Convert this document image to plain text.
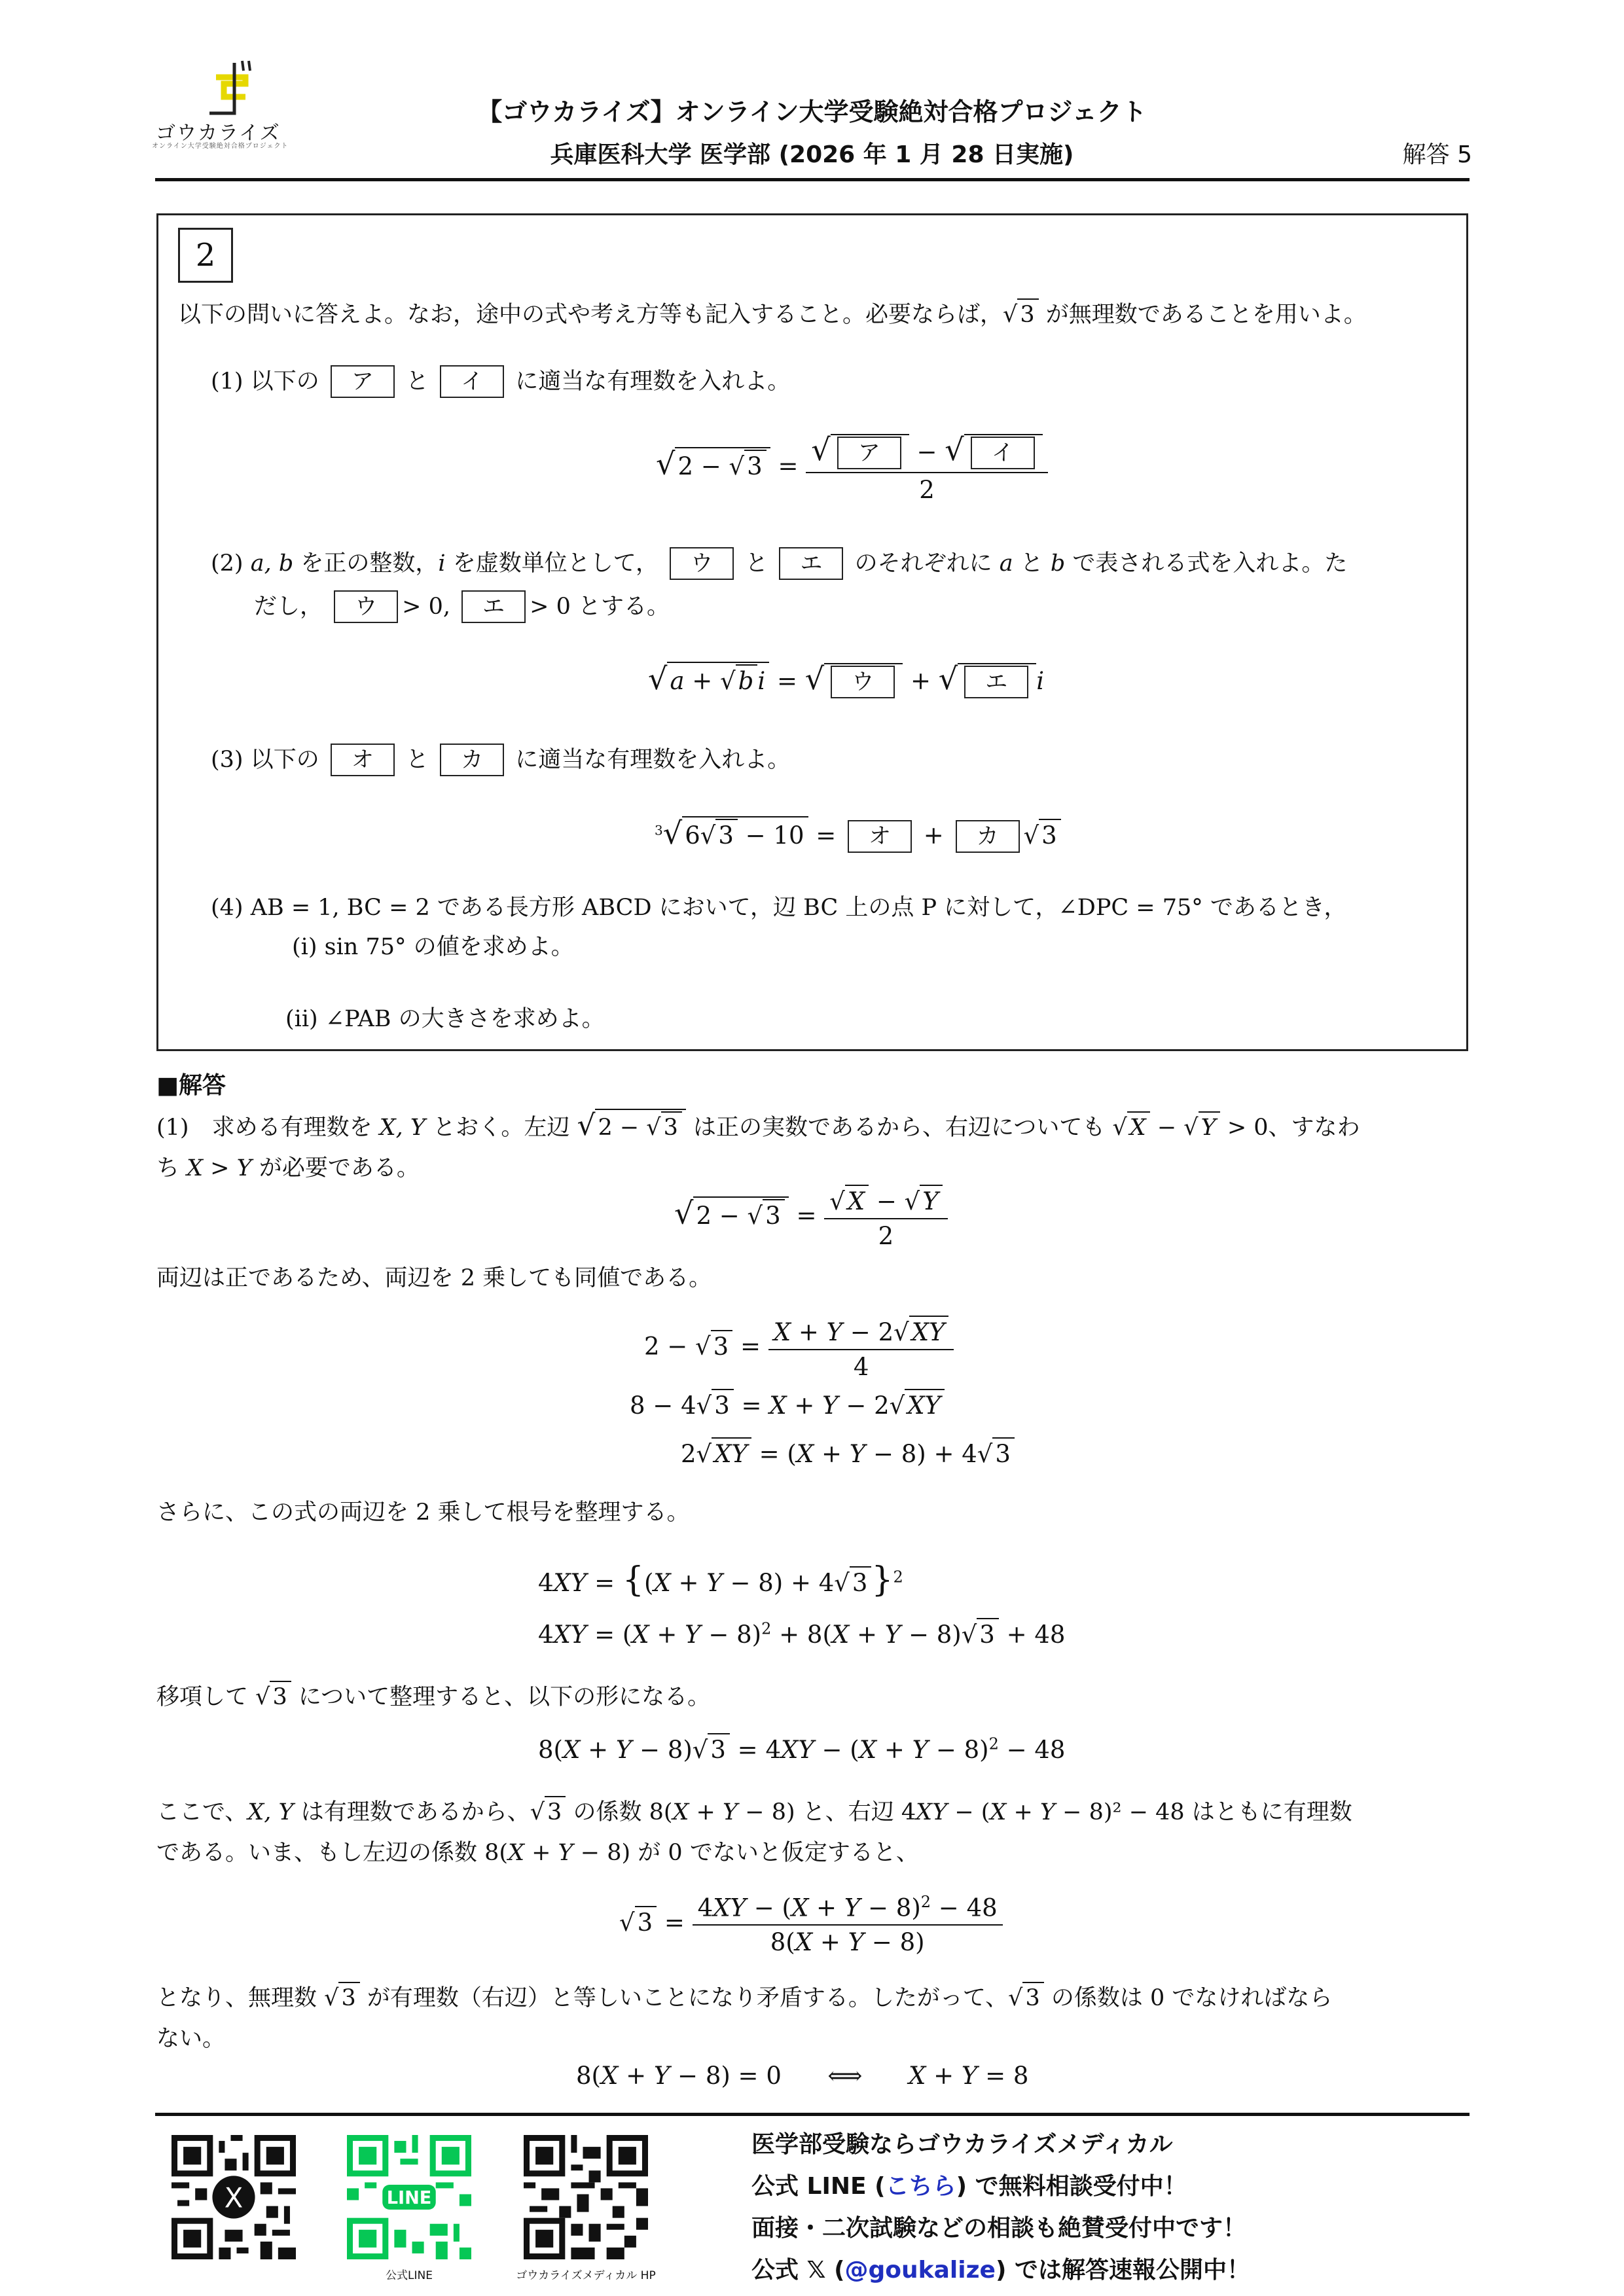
ゴウカライズ
オンライン大学受験絶対合格プロジェクト
【ゴウカライズ】オンライン大学受験絶対合格プロジェクト
兵庫医科大学 医学部 (2026 年 1 月 28 日実施)	解答 5
2
以下の問いに答えよ。なお，途中の式や考え方等も記入すること。必要ならば，√ 3 が無理数であることを用いよ。
(1) 以下の ア と イ に適当な有理数を入れよ。
√ 2 − √ $3 = \frac{\text{√ ア − √ イ}}{2}$
(2) a, b を正の整数，i を虚数単位として， ウ と エ のそれぞれに a と b で表される式を入れよ。た
だし， ウ > 0, エ > 0 とする。
√ a + √ b i = √ ウ + √ エ i
(3) 以下の オ と カ に適当な有理数を入れよ。
$^3$√ 6√ 3 − 10 = オ + カ √ 3
(4) AB = 1, BC = 2 である長方形 ABCD において，辺 BC 上の点 P に対して，∠DPC = 75° であるとき，
(i) sin 75° の値を求めよ。
(ii) ∠PAB の大きさを求めよ。
■解答
(1)　求める有理数を X, Y とおく。左辺 √ 2 − √ 3 は正の実数であるから、右辺についても √ X − √ Y > 0、すなわ
ち X > Y が必要である。
√ 2 − √ $3 = \frac{√ X - √ Y}{2}$
両辺は正であるため、両辺を 2 乗しても同値である。
2 − √ $3 = \frac{X + Y - 2√ XY}{4}$
8 − 4√ 3 = X + Y − 2√ XY
2√ XY = (X + Y − 8) + 4√ 3
さらに、この式の両辺を 2 乗して根号を整理する。
4XY = {(X + Y − 8) + 4√ 3 }$^2$
$4XY = (X + Y - 8)^2 + 8(X + Y - 8)√$ 3 + 48
移項して √ 3 について整理すると、以下の形になる。
8(X + Y − 8)√ $3 = 4XY - (X + Y - 8)^2 - 48$
ここで、X, Y は有理数であるから、√ 3 の係数 8(X + Y − 8) と、右辺 4XY − (X + Y − 8)² − 48 はともに有理数
である。いま、もし左辺の係数 8(X + Y − 8) が 0 でないと仮定すると、
√ $3 = \frac{4XY - (X + Y - 8)^2 - 48}{8(X + Y - 8)}$
となり、無理数 √ 3 が有理数（右辺）と等しいことになり矛盾する。したがって、√ 3 の係数は 0 でなければなら
ない。
8(X + Y − 8) = 0      ⟺      X + Y = 8
X	LINE
公式LINE	ゴウカライズメディカル HP
医学部受験ならゴウカライズメディカル
公式 LINE (こちら) で無料相談受付中！
面接・二次試験などの相談も絶賛受付中です！
公式 𝕏 (@goukalize) では解答速報公開中！
